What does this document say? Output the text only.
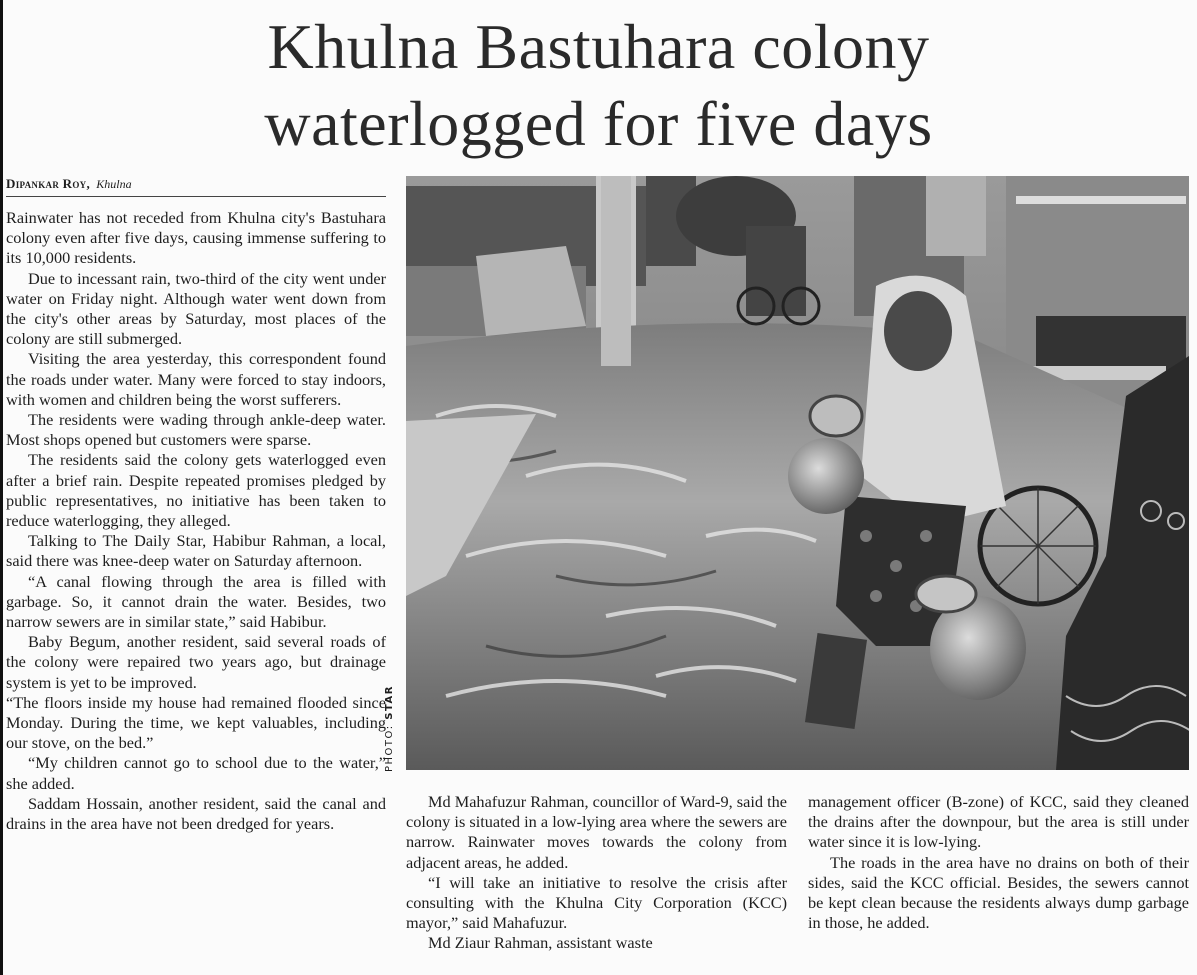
Khulna Bastuhara colony
waterlogged for five days
Dipankar Roy, Khulna

Rainwater has not receded from Khulna city's Bastuhara colony even after five days, causing immense suffering to its 10,000 residents.

Due to incessant rain, two-third of the city went under water on Friday night. Although water went down from the city's other areas by Saturday, most places of the colony are still submerged.

Visiting the area yesterday, this correspondent found the roads under water. Many were forced to stay indoors, with women and children being the worst sufferers.

The residents were wading through ankle-deep water. Most shops opened but customers were sparse.

The residents said the colony gets waterlogged even after a brief rain. Despite repeated promises pledged by public representatives, no initiative has been taken to reduce waterlogging, they alleged.

Talking to The Daily Star, Habibur Rahman, a local, said there was knee-deep water on Saturday afternoon.

“A canal flowing through the area is filled with garbage. So, it cannot drain the water. Besides, two narrow sewers are in similar state,” said Habibur.

Baby Begum, another resident, said several roads of the colony were repaired two years ago, but drainage system is yet to be improved.

“The floors inside my house had remained flooded since Monday. During the time, we kept valuables, including our stove, on the bed.”

“My children cannot go to school due to the water,” she added.

Saddam Hossain, another resident, said the canal and drains in the area have not been dredged for years.

PHOTO: STAR

Md Mahafuzur Rahman, councillor of Ward-9, said the colony is situated in a low-lying area where the sewers are narrow. Rainwater moves towards the colony from adjacent areas, he added.

“I will take an initiative to resolve the crisis after consulting with the Khulna City Corporation (KCC) mayor,” said Mahafuzur.

Md Ziaur Rahman, assistant waste

management officer (B-zone) of KCC, said they cleaned the drains after the downpour, but the area is still under water since it is low-lying.

The roads in the area have no drains on both of their sides, said the KCC official. Besides, the sewers cannot be kept clean because the residents always dump garbage in those, he added.
